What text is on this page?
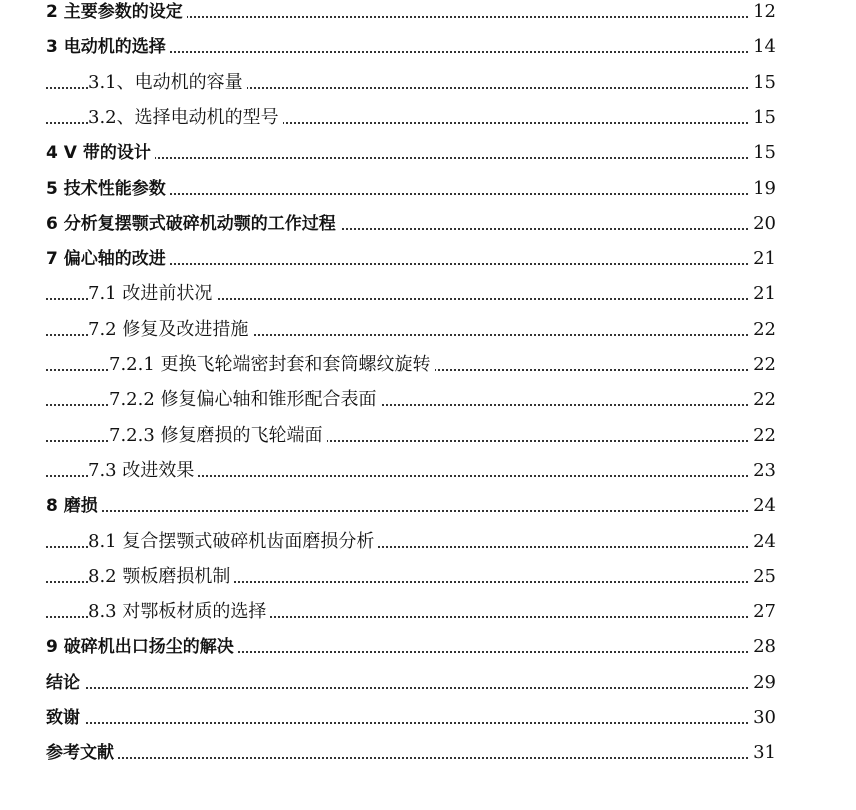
2 主要参数的设定	12
3 电动机的选择	14
3.1、电动机的容量	15
3.2、选择电动机的型号	15
4 V 带的设计	15
5 技术性能参数	19
6 分析复摆颚式破碎机动颚的工作过程	20
7 偏心轴的改进	21
7.1 改进前状况	21
7.2 修复及改进措施	22
7.2.1 更换飞轮端密封套和套筒螺纹旋转	22
7.2.2 修复偏心轴和锥形配合表面	22
7.2.3 修复磨损的飞轮端面	22
7.3 改进效果	23
8 磨损	24
8.1 复合摆颚式破碎机齿面磨损分析	24
8.2 颚板磨损机制	25
8.3 对鄂板材质的选择	27
9 破碎机出口扬尘的解决	28
结论	29
致谢	30
参考文献	31
